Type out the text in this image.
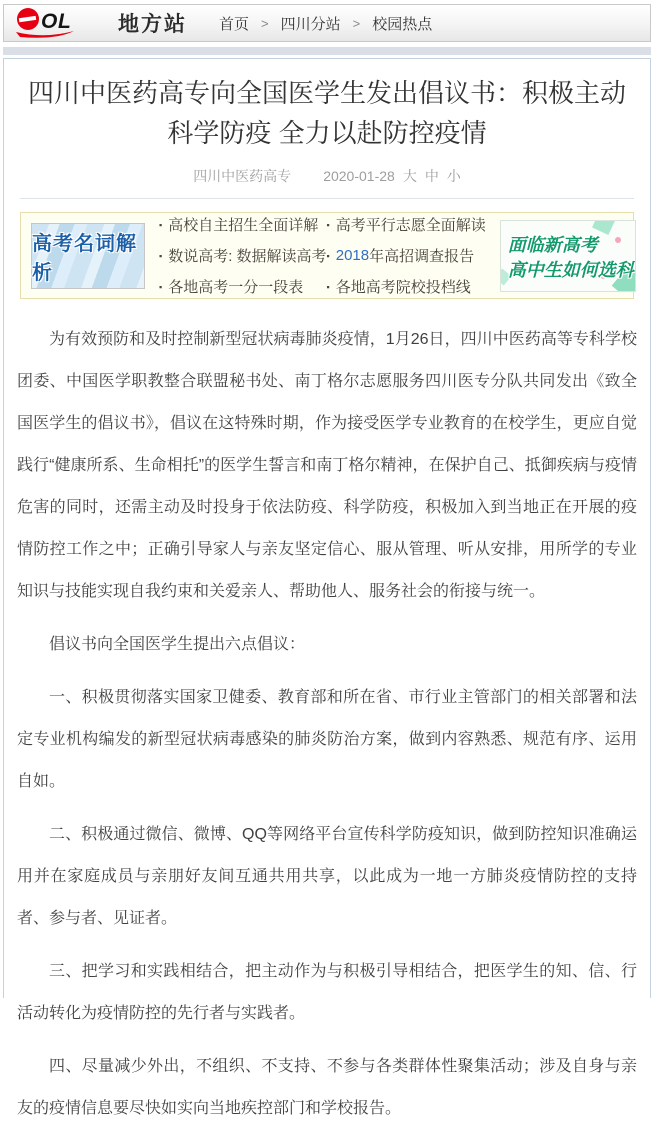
O L 地方站 首页 > 四川分站 > 校园热点
四川中医药高专向全国医学生发出倡议书：积极主动科学防疫 全力以赴防控疫情
四川中医药高专 2020-01-28 大 中 小
高考名词解析
▪ 高校自主招生全面详解
▪ 数说高考: 数据解读高考
▪ 各地高考一分一段表
▪ 高考平行志愿全面解读
▪ 2018 年高招调查报告
▪ 各地高考院校投档线
面临新高考
高中生如何选科

为有效预防和及时控制新型冠状病毒肺炎疫情，1月26日，四川中医药高等专科学校团委、中国医学职教整合联盟秘书处、南丁格尔志愿服务四川医专分队共同发出《致全国医学生的倡议书》，倡议在这特殊时期，作为接受医学专业教育的在校学生，更应自觉践行“健康所系、生命相托”的医学生誓言和南丁格尔精神，在保护自己、抵御疾病与疫情危害的同时，还需主动及时投身于依法防疫、科学防疫，积极加入到当地正在开展的疫情防控工作之中；正确引导家人与亲友坚定信心、服从管理、听从安排，用所学的专业知识与技能实现自我约束和关爱亲人、帮助他人、服务社会的衔接与统一。

倡议书向全国医学生提出六点倡议：

一、积极贯彻落实国家卫健委、教育部和所在省、市行业主管部门的相关部署和法定专业机构编发的新型冠状病毒感染的肺炎防治方案，做到内容熟悉、规范有序、运用自如。

二、积极通过微信、微博、QQ等网络平台宣传科学防疫知识，做到防控知识准确运用并在家庭成员与亲朋好友间互通共用共享，以此成为一地一方肺炎疫情防控的支持者、参与者、见证者。

三、把学习和实践相结合，把主动作为与积极引导相结合，把医学生的知、信、行活动转化为疫情防控的先行者与实践者。

四、尽量减少外出，不组织、不支持、不参与各类群体性聚集活动；涉及自身与亲友的疫情信息要尽快如实向当地疾控部门和学校报告。
